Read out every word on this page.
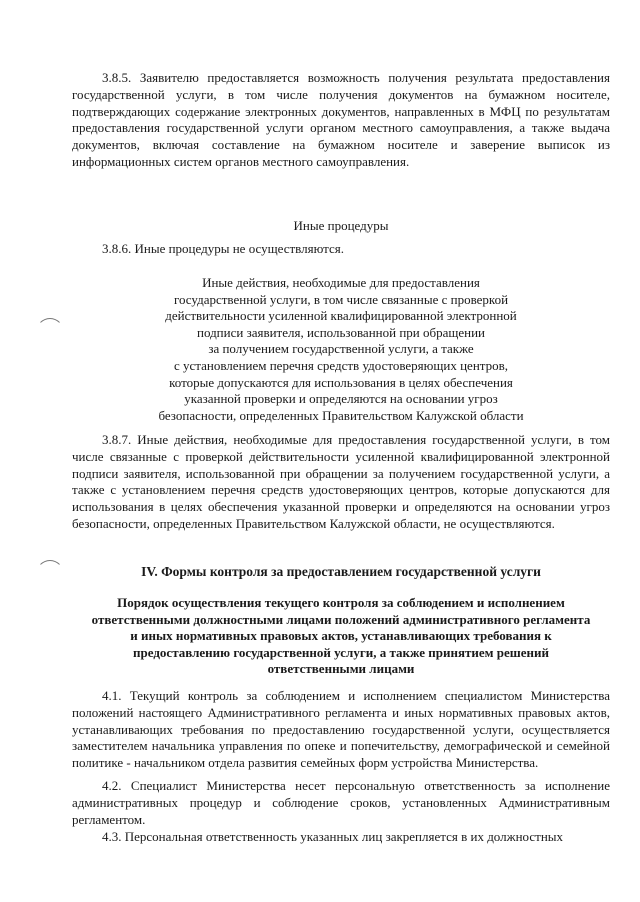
3.8.5. Заявителю предоставляется возможность получения результата предоставления государственной услуги, в том числе получения документов на бумажном носителе, подтверждающих содержание электронных документов, направленных в МФЦ по результатам предоставления государственной услуги органом местного самоуправления, а также выдача документов, включая составление на бумажном носителе и заверение выписок из информационных систем органов местного самоуправления.

Иные процедуры

3.8.6. Иные процедуры не осуществляются.

Иные действия, необходимые для предоставления
государственной услуги, в том числе связанные с проверкой
действительности усиленной квалифицированной электронной
подписи заявителя, использованной при обращении
за получением государственной услуги, а также
с установлением перечня средств удостоверяющих центров,
которые допускаются для использования в целях обеспечения
указанной проверки и определяются на основании угроз
безопасности, определенных Правительством Калужской области

3.8.7. Иные действия, необходимые для предоставления государственной услуги, в том числе связанные с проверкой действительности усиленной квалифицированной электронной подписи заявителя, использованной при обращении за получением государственной услуги, а также с установлением перечня средств удостоверяющих центров, которые допускаются для использования в целях обеспечения указанной проверки и определяются на основании угроз безопасности, определенных Правительством Калужской области, не осуществляются.

IV. Формы контроля за предоставлением государственной услуги

Порядок осуществления текущего контроля за соблюдением и исполнением
ответственными должностными лицами положений административного регламента
и иных нормативных правовых актов, устанавливающих требования к
предоставлению государственной услуги, а также принятием решений
ответственными лицами

4.1. Текущий контроль за соблюдением и исполнением специалистом Министерства положений настоящего Административного регламента и иных нормативных правовых актов, устанавливающих требования по предоставлению государственной услуги, осуществляется заместителем начальника управления по опеке и попечительству, демографической и семейной политике - начальником отдела развития семейных форм устройства Министерства.

4.2. Специалист Министерства несет персональную ответственность за исполнение административных процедур и соблюдение сроков, установленных Административным регламентом.

4.3. Персональная ответственность указанных лиц закрепляется в их должностных
